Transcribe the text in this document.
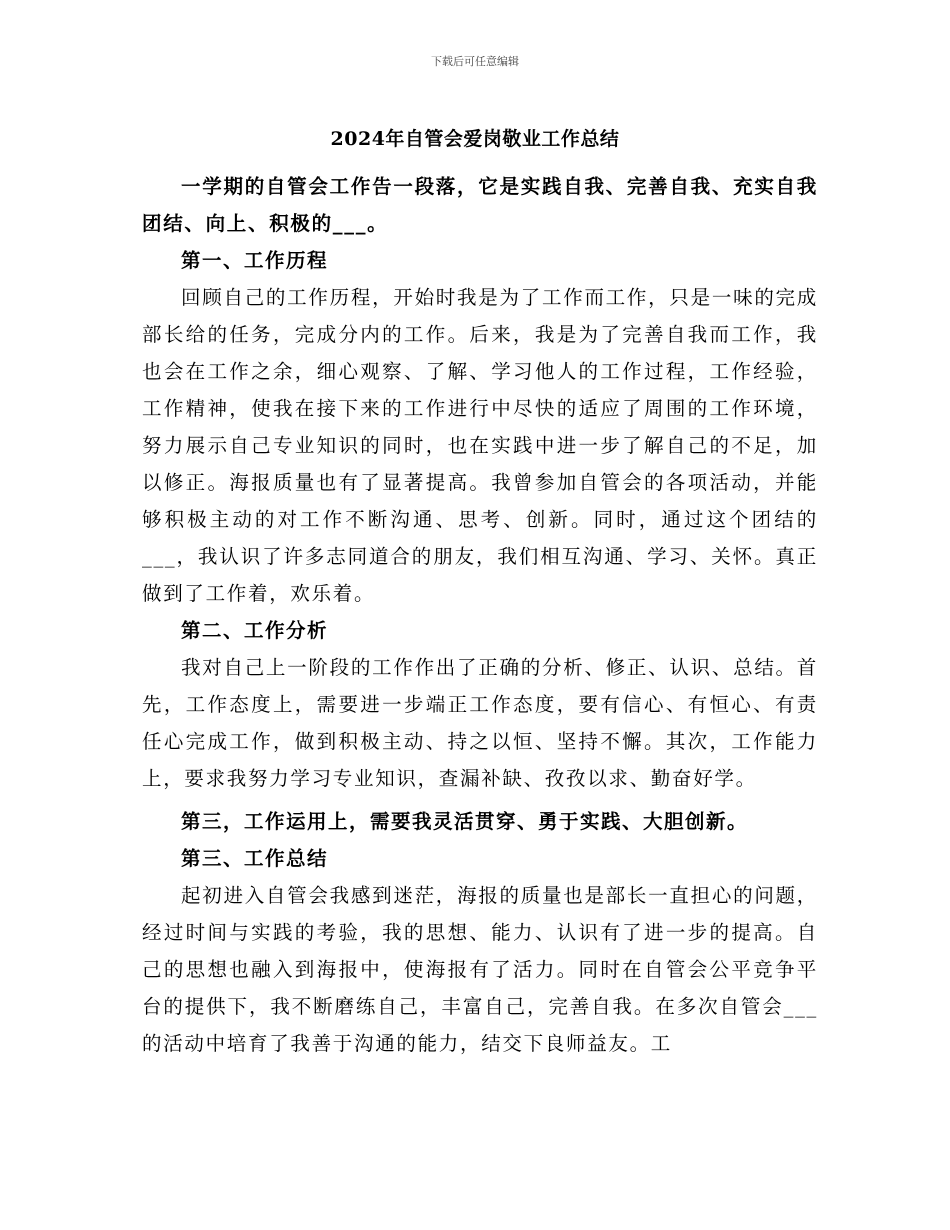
下载后可任意编辑
2024年自管会爱岗敬业工作总结

一学期的自管会工作告一段落，它是实践自我、完善自我、充实自我团结、向上、积极的___。

第一、工作历程

回顾自己的工作历程，开始时我是为了工作而工作，只是一味的完成部长给的任务，完成分内的工作。后来，我是为了完善自我而工作，我也会在工作之余，细心观察、了解、学习他人的工作过程，工作经验，工作精神，使我在接下来的工作进行中尽快的适应了周围的工作环境，努力展示自己专业知识的同时，也在实践中进一步了解自己的不足，加以修正。海报质量也有了显著提高。我曾参加自管会的各项活动，并能够积极主动的对工作不断沟通、思考、创新。同时，通过这个团结的___，我认识了许多志同道合的朋友，我们相互沟通、学习、关怀。真正做到了工作着，欢乐着。

第二、工作分析

我对自己上一阶段的工作作出了正确的分析、修正、认识、总结。首先，工作态度上，需要进一步端正工作态度，要有信心、有恒心、有责任心完成工作，做到积极主动、持之以恒、坚持不懈。其次，工作能力上，要求我努力学习专业知识，查漏补缺、孜孜以求、勤奋好学。

第三，工作运用上，需要我灵活贯穿、勇于实践、大胆创新。

第三、工作总结

起初进入自管会我感到迷茫，海报的质量也是部长一直担心的问题，经过时间与实践的考验，我的思想、能力、认识有了进一步的提高。自己的思想也融入到海报中，使海报有了活力。同时在自管会公平竞争平台的提供下，我不断磨练自己，丰富自己，完善自我。在多次自管会___的活动中培育了我善于沟通的能力，结交下良师益友。工
